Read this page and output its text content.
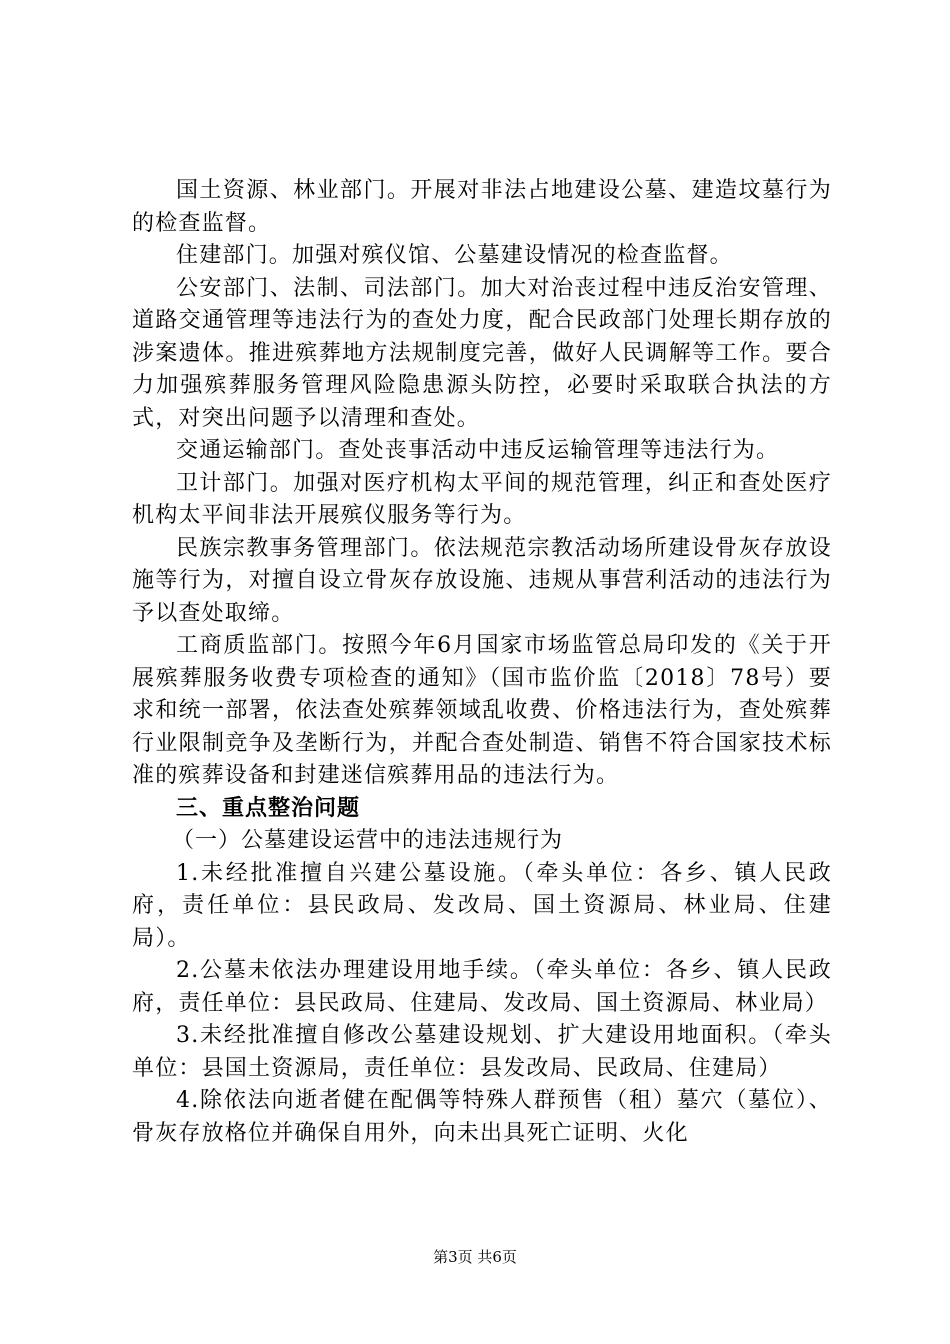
国土资源、林业部门。开展对非法占地建设公墓、建造坟墓行为的检查监督。

住建部门。加强对殡仪馆、公墓建设情况的检查监督。

公安部门、法制、司法部门。加大对治丧过程中违反治安管理、道路交通管理等违法行为的查处力度，配合民政部门处理长期存放的涉案遗体。推进殡葬地方法规制度完善，做好人民调解等工作。要合力加强殡葬服务管理风险隐患源头防控，必要时采取联合执法的方式，对突出问题予以清理和查处。

交通运输部门。查处丧事活动中违反运输管理等违法行为。

卫计部门。加强对医疗机构太平间的规范管理，纠正和查处医疗机构太平间非法开展殡仪服务等行为。

民族宗教事务管理部门。依法规范宗教活动场所建设骨灰存放设施等行为，对擅自设立骨灰存放设施、违规从事营利活动的违法行为予以查处取缔。

工商质监部门。按照今年6月国家市场监管总局印发的《关于开展殡葬服务收费专项检查的通知》（国市监价监〔2018〕78号）要求和统一部署，依法查处殡葬领域乱收费、价格违法行为，查处殡葬行业限制竞争及垄断行为，并配合查处制造、销售不符合国家技术标准的殡葬设备和封建迷信殡葬用品的违法行为。

三、重点整治问题

（一）公墓建设运营中的违法违规行为

1.未经批准擅自兴建公墓设施。（牵头单位：各乡、镇人民政府，责任单位：县民政局、发改局、国土资源局、林业局、住建局）。

2.公墓未依法办理建设用地手续。（牵头单位：各乡、镇人民政府，责任单位：县民政局、住建局、发改局、国土资源局、林业局）

3.未经批准擅自修改公墓建设规划、扩大建设用地面积。（牵头单位：县国土资源局，责任单位：县发改局、民政局、住建局）

4.除依法向逝者健在配偶等特殊人群预售（租）墓穴（墓位）、骨灰存放格位并确保自用外，向未出具死亡证明、火化

第3页 共6页
